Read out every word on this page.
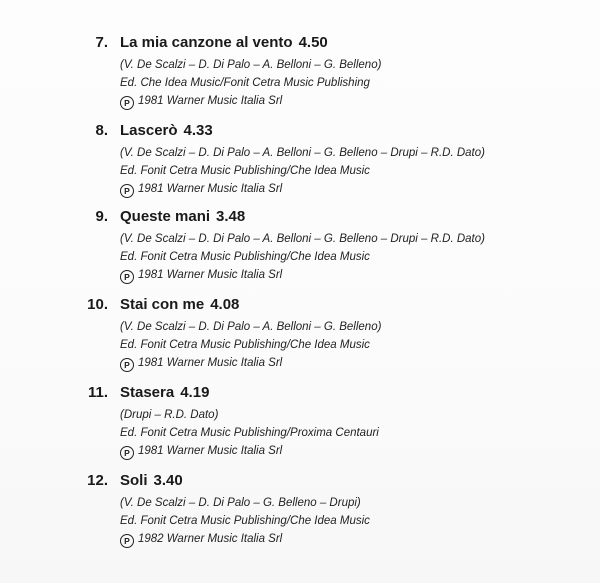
7. La mia canzone al vento 4.50
(V. De Scalzi – D. Di Palo – A. Belloni – G. Belleno)
Ed. Che Idea Music/Fonit Cetra Music Publishing
P 1981 Warner Music Italia Srl
8. Lascerò 4.33
(V. De Scalzi – D. Di Palo – A. Belloni – G. Belleno – Drupi – R.D. Dato)
Ed. Fonit Cetra Music Publishing/Che Idea Music
P 1981 Warner Music Italia Srl
9. Queste mani 3.48
(V. De Scalzi – D. Di Palo – A. Belloni – G. Belleno – Drupi – R.D. Dato)
Ed. Fonit Cetra Music Publishing/Che Idea Music
P 1981 Warner Music Italia Srl
10. Stai con me 4.08
(V. De Scalzi – D. Di Palo – A. Belloni – G. Belleno)
Ed. Fonit Cetra Music Publishing/Che Idea Music
P 1981 Warner Music Italia Srl
11. Stasera 4.19
(Drupi – R.D. Dato)
Ed. Fonit Cetra Music Publishing/Proxima Centauri
P 1981 Warner Music Italia Srl
12. Soli 3.40
(V. De Scalzi – D. Di Palo – G. Belleno – Drupi)
Ed. Fonit Cetra Music Publishing/Che Idea Music
P 1982 Warner Music Italia Srl
